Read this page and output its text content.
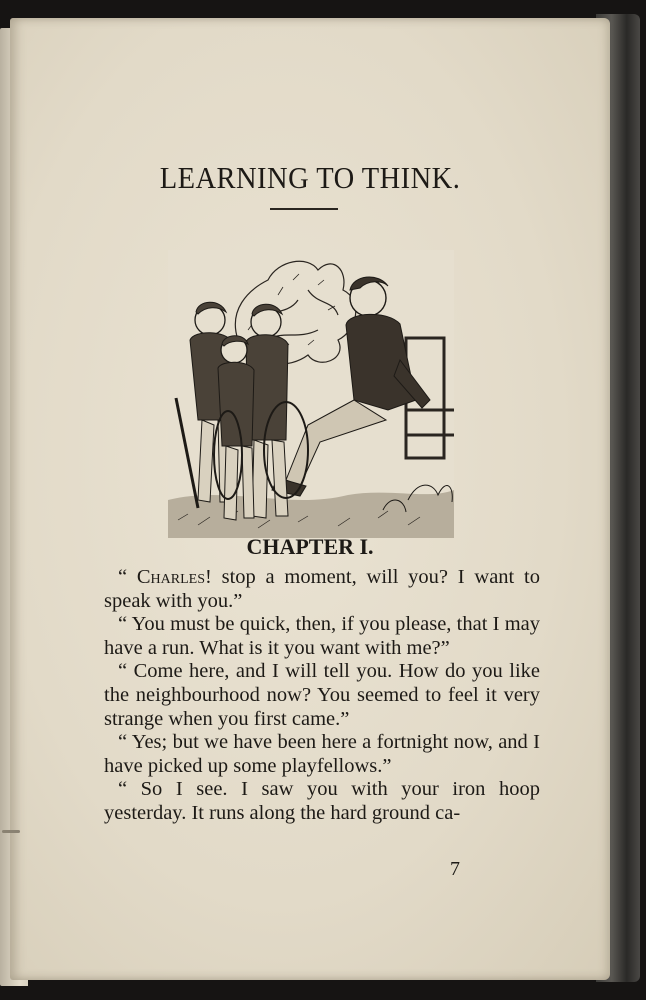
LEARNING TO THINK.
CHAPTER I.

“ Charles! stop a moment, will you? I want to speak with you.”

“ You must be quick, then, if you please, that I may have a run. What is it you want with me?”

“ Come here, and I will tell you. How do you like the neighbourhood now? You seemed to feel it very strange when you first came.”

“ Yes; but we have been here a fortnight now, and I have picked up some playfellows.”

“ So I see. I saw you with your iron hoop yesterday. It runs along the hard ground ca-

7
